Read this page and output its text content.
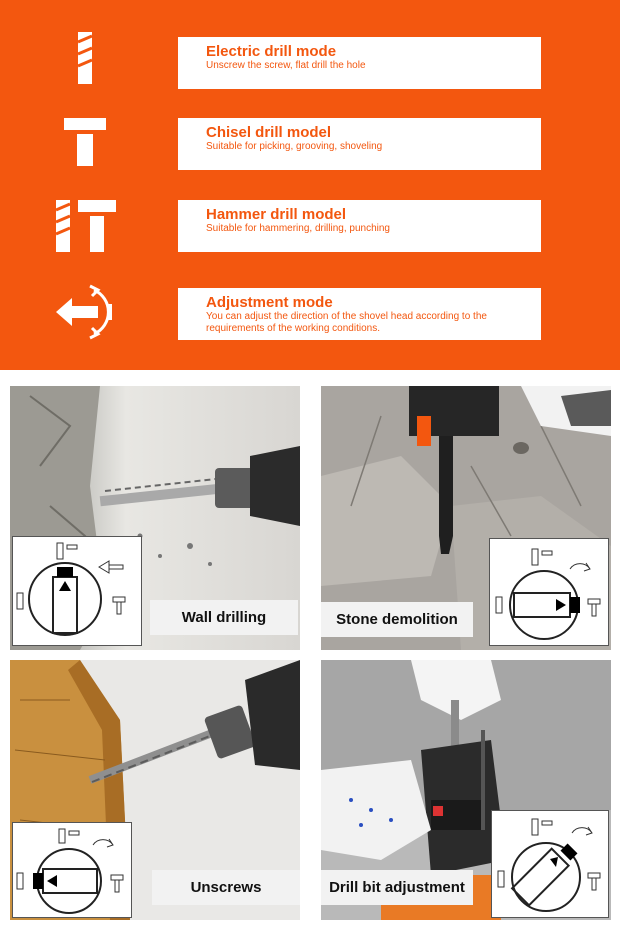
Electric drill mode
Unscrew the screw, flat drill the hole
Chisel drill model
Suitable for picking, grooving, shoveling
Hammer drill model
Suitable for hammering, drilling, punching
Adjustment mode
You can adjust the direction of the shovel head according to the requirements of the working conditions.
Wall drilling	Stone demolition
Unscrews	Drill bit adjustment
